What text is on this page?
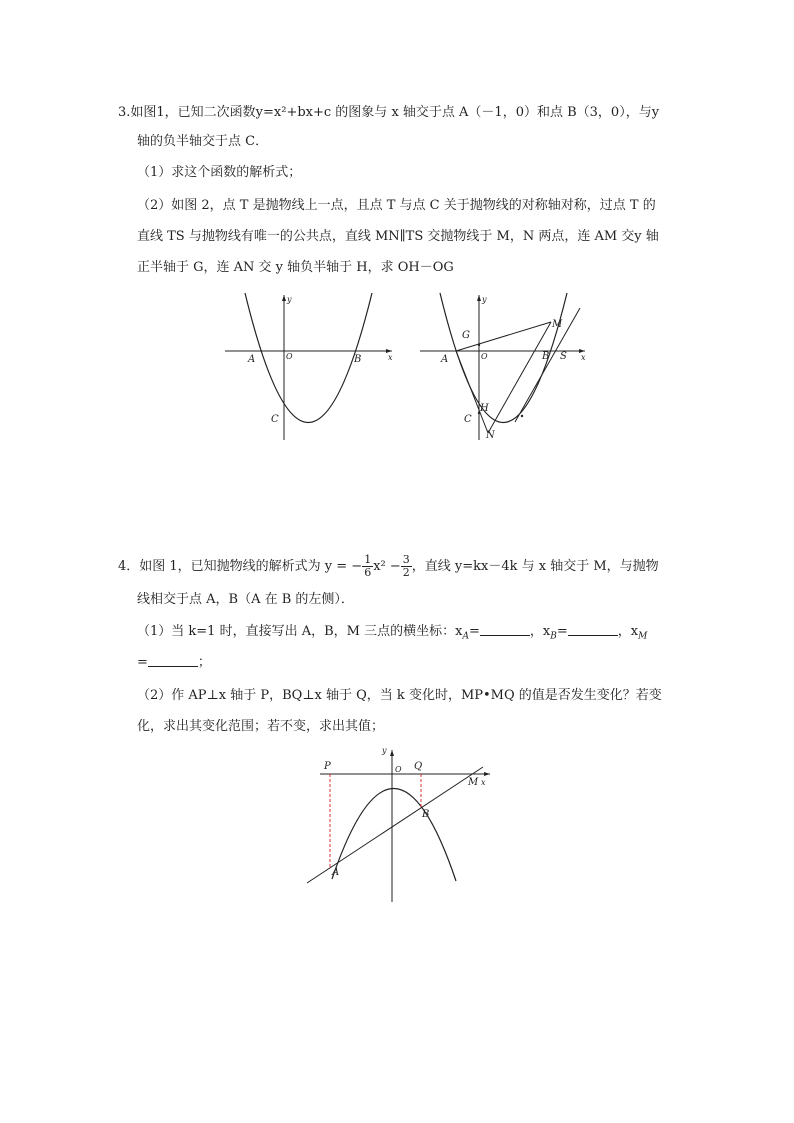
3.如图1，已知二次函数y=x²+bx+c 的图象与 x 轴交于点 A（－1，0）和点 B（3，0），与y
轴的负半轴交于点 C．
（1）求这个函数的解析式；
（2）如图 2，点 T 是抛物线上一点，且点 T 与点 C 关于抛物线的对称轴对称，过点 T 的
直线 TS 与抛物线有唯一的公共点，直线 MN∥TS 交抛物线于 M，N 两点，连 AM 交y 轴
正半轴于 G，连 AN 交 y 轴负半轴于 H，求 OH－OG
x
y
A	O	B
C
x
y
A	O	B S
G
M
H
C
N
4．如图 1，已知抛物线的解析式为 y = − $\frac{1}{6} x^2 - \frac{3}{2}$ ，直线 y=kx－4k 与 x 轴交于 M，与抛物
线相交于点 A，B（A 在 B 的左侧）．
（1）当 k=1 时，直接写出 A，B，M 三点的横坐标：$x_A=$	，$x_B=$	，$x_M$
=	；
（2）作 AP⊥x 轴于 P，BQ⊥x 轴于 Q，当 k 变化时，MP•MQ 的值是否发生变化？若变
化，求出其变化范围；若不变，求出其值；
P	O Q
M x
y
A
B
